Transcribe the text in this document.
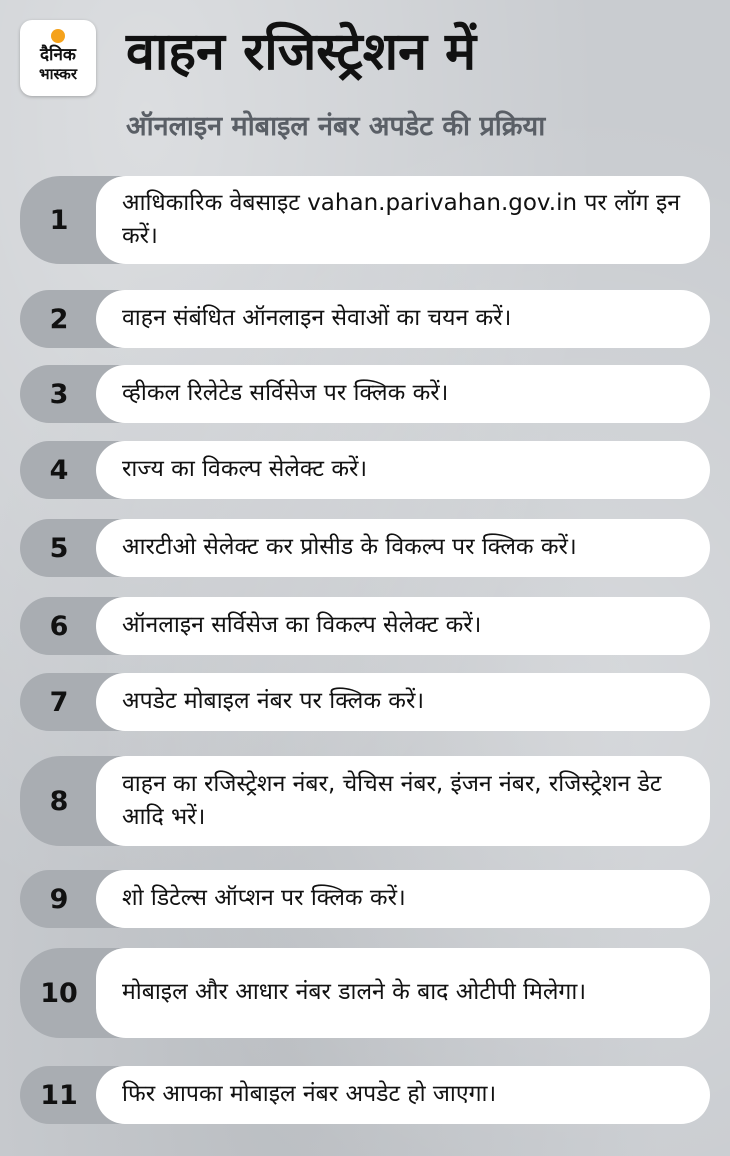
दैनिक
भास्कर वाहन रजिस्ट्रेशन में
ऑनलाइन मोबाइल नंबर अपडेट की प्रक्रिया
1
आधिकारिक वेबसाइट vahan.parivahan.gov.in पर लॉग इन करें।
2	वाहन संबंधित ऑनलाइन सेवाओं का चयन करें।
3	व्हीकल रिलेटेड सर्विसेज पर क्लिक करें।
4	राज्य का विकल्प सेलेक्ट करें।
5	आरटीओ सेलेक्ट कर प्रोसीड के विकल्प पर क्लिक करें।
6	ऑनलाइन सर्विसेज का विकल्प सेलेक्ट करें।
7	अपडेट मोबाइल नंबर पर क्लिक करें।
8
वाहन का रजिस्ट्रेशन नंबर, चेचिस नंबर, इंजन नंबर, रजिस्ट्रेशन डेट आदि भरें।
9	शो डिटेल्स ऑप्शन पर क्लिक करें।
10	मोबाइल और आधार नंबर डालने के बाद ओटीपी मिलेगा।
11	फिर आपका मोबाइल नंबर अपडेट हो जाएगा।
